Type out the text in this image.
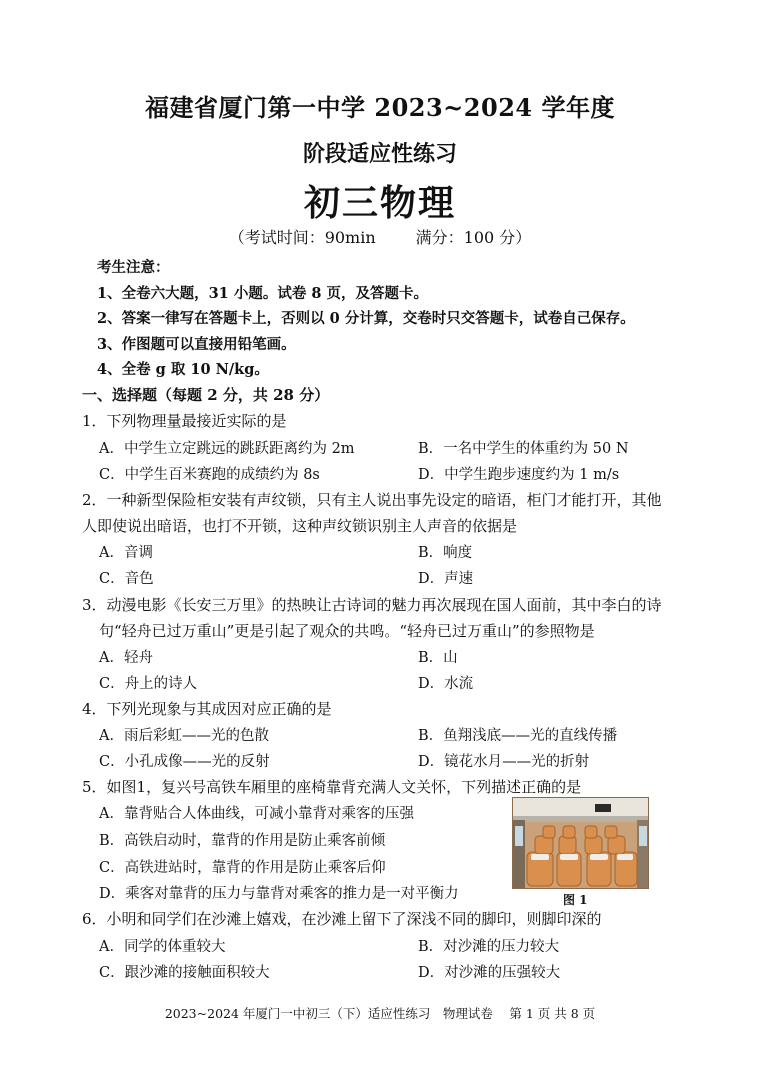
福建省厦门第一中学 2023~2024 学年度
阶段适应性练习
初三物理
（考试时间：90min	满分：100 分）
考生注意：
1、全卷六大题，31 小题。试卷 8 页，及答题卡。
2、答案一律写在答题卡上，否则以 0 分计算，交卷时只交答题卡，试卷自己保存。
3、作图题可以直接用铅笔画。
4、全卷 g 取 10 N/kg。
一、选择题（每题 2 分，共 28 分）
1．下列物理量最接近实际的是
A．中学生立定跳远的跳跃距离约为 2m	B．一名中学生的体重约为 50 N
C．中学生百米赛跑的成绩约为 8s	D．中学生跑步速度约为 1 m/s
2．一种新型保险柜安装有声纹锁，只有主人说出事先设定的暗语，柜门才能打开，其他
人即使说出暗语，也打不开锁，这种声纹锁识别主人声音的依据是
A．音调	B．响度
C．音色	D．声速
3．动漫电影《长安三万里》的热映让古诗词的魅力再次展现在国人面前，其中李白的诗
句“轻舟已过万重山”更是引起了观众的共鸣。“轻舟已过万重山”的参照物是
A．轻舟	B．山
C．舟上的诗人	D．水流
4．下列光现象与其成因对应正确的是
A．雨后彩虹——光的色散	B．鱼翔浅底——光的直线传播
C．小孔成像——光的反射	D．镜花水月——光的折射
5．如图1，复兴号高铁车厢里的座椅靠背充满人文关怀，下列描述正确的是
A．靠背贴合人体曲线，可减小靠背对乘客的压强
B．高铁启动时，靠背的作用是防止乘客前倾
C．高铁进站时，靠背的作用是防止乘客后仰
D．乘客对靠背的压力与靠背对乘客的推力是一对平衡力	图 1
6．小明和同学们在沙滩上嬉戏，在沙滩上留下了深浅不同的脚印，则脚印深的
A．同学的体重较大	B．对沙滩的压力较大
C．跟沙滩的接触面积较大	D．对沙滩的压强较大
2023~2024 年厦门一中初三（下）适应性练习　物理试卷　 第 1 页 共 8 页
